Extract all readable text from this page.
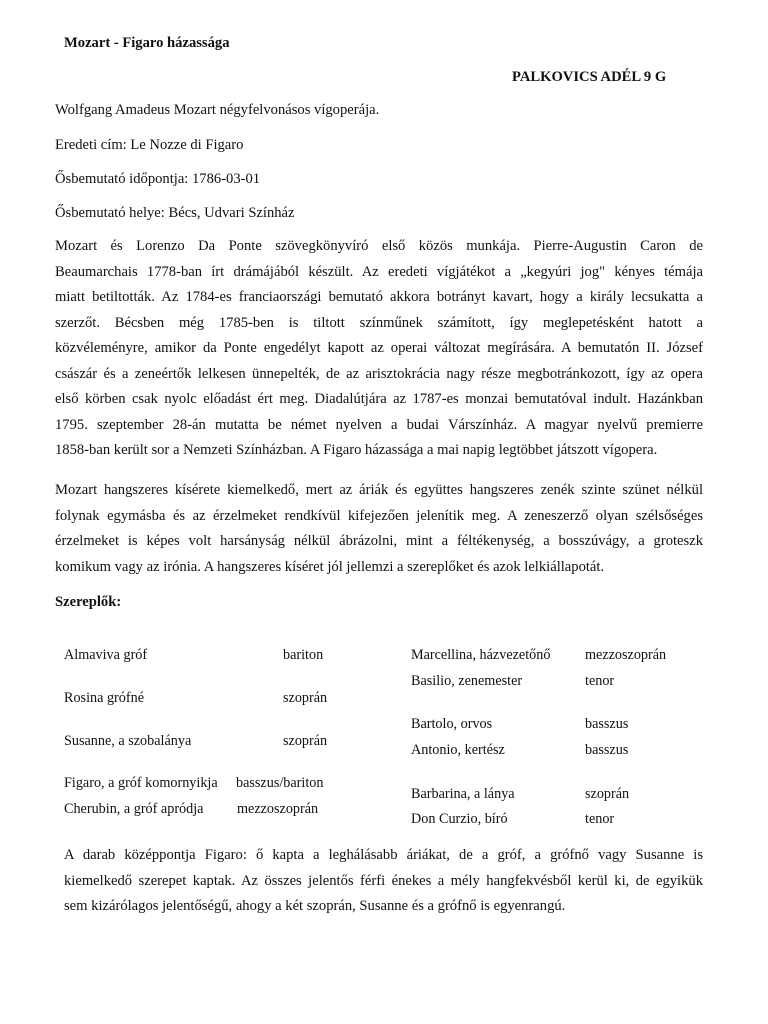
Mozart - Figaro házassága
PALKOVICS ADÉL 9 G
Wolfgang Amadeus Mozart négyfelvonásos vígoperája.
Eredeti cím: Le Nozze di Figaro
Ősbemutató időpontja: 1786-03-01
Ősbemutató helye: Bécs, Udvari Színház
Mozart és Lorenzo Da Ponte szövegkönyvíró első közös munkája. Pierre-Augustin Caron de
Beaumarchais 1778-ban írt drámájából készült. Az eredeti vígjátékot a „kegyúri jog" kényes témája
miatt betiltották. Az 1784-es franciaországi bemutató akkora botrányt kavart, hogy a király lecsukatta a
szerzőt. Bécsben még 1785-ben is tiltott színműnek számított, így meglepetésként hatott a
közvéleményre, amikor da Ponte engedélyt kapott az operai változat megírására. A bemutatón II. József
császár és a zeneértők lelkesen ünnepelték, de az arisztokrácia nagy része megbotránkozott, így az opera
első körben csak nyolc előadást ért meg. Diadalútjára az 1787-es monzai bemutatóval indult. Hazánkban
1795. szeptember 28-án mutatta be német nyelven a budai Várszínház. A magyar nyelvű premierre
1858-ban került sor a Nemzeti Színházban. A Figaro házassága a mai napig legtöbbet játszott vígopera.
Mozart hangszeres kísérete kiemelkedő, mert az áriák és együttes hangszeres zenék szinte szünet nélkül
folynak egymásba és az érzelmeket rendkívül kifejezően jelenítik meg. A zeneszerző olyan szélsőséges
érzelmeket is képes volt harsányság nélkül ábrázolni, mint a féltékenység, a bosszúvágy, a groteszk
komikum vagy az irónia. A hangszeres kíséret jól jellemzi a szereplőket és azok lelkiállapotát.
Szereplők:
Almaviva gróf	bariton
Rosina grófné	szoprán
Susanne, a szobalánya	szoprán
Figaro, a gróf komornyikja basszus/bariton
Cherubin, a gróf apródja mezzoszoprán
Marcellina, házvezetőnő mezzoszoprán
Basilio, zenemester	tenor
Bartolo, orvos	basszus
Antonio, kertész	basszus
Barbarina, a lánya	szoprán
Don Curzio, bíró	tenor
A darab középpontja Figaro: ő kapta a leghálásabb áriákat, de a gróf, a grófnő vagy Susanne is
kiemelkedő szerepet kaptak. Az összes jelentős férfi énekes a mély hangfekvésből kerül ki, de egyikük
sem kizárólagos jelentőségű, ahogy a két szoprán, Susanne és a grófnő is egyenrangú.
